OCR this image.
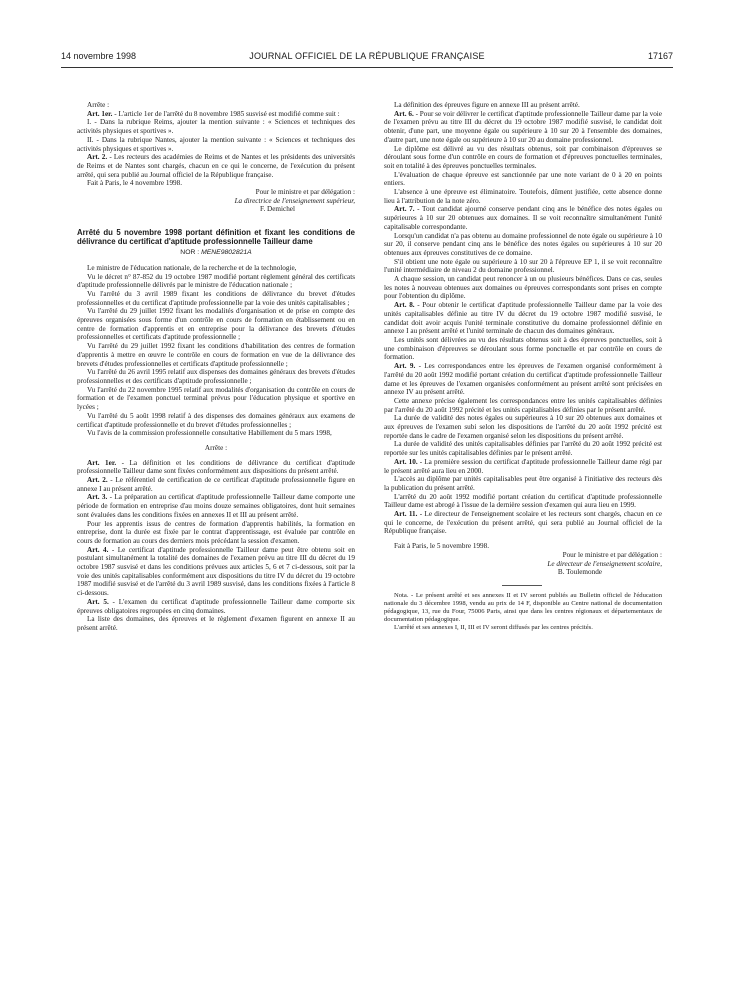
14 novembre 1998	JOURNAL OFFICIEL DE LA RÉPUBLIQUE FRANÇAISE	17167

Arrête :

Art. 1er. - L'article 1er de l'arrêté du 8 novembre 1985 susvisé est modifié comme suit :

I. - Dans la rubrique Reims, ajouter la mention suivante : « Sciences et techniques des activités physiques et sportives ».

II. - Dans la rubrique Nantes, ajouter la mention suivante : « Sciences et techniques des activités physiques et sportives ».

Art. 2. - Les recteurs des académies de Reims et de Nantes et les présidents des universités de Reims et de Nantes sont chargés, chacun en ce qui le concerne, de l'exécution du présent arrêté, qui sera publié au Journal officiel de la République française.

Fait à Paris, le 4 novembre 1998.

Pour le ministre et par délégation :

La directrice de l'enseignement supérieur,

F. Demichel

Arrêté du 5 novembre 1998 portant définition et fixant les conditions de délivrance du certificat d'aptitude professionnelle Tailleur dame
NOR : MENE9802821A

Le ministre de l'éducation nationale, de la recherche et de la technologie,

Vu le décret n° 87-852 du 19 octobre 1987 modifié portant règlement général des certificats d'aptitude professionnelle délivrés par le ministre de l'éducation nationale ;

Vu l'arrêté du 3 avril 1989 fixant les conditions de délivrance du brevet d'études professionnelles et du certificat d'aptitude professionnelle par la voie des unités capitalisables ;

Vu l'arrêté du 29 juillet 1992 fixant les modalités d'organisation et de prise en compte des épreuves organisées sous forme d'un contrôle en cours de formation en établissement ou en centre de formation d'apprentis et en entreprise pour la délivrance des brevets d'études professionnelles et certificats d'aptitude professionnelle ;

Vu l'arrêté du 29 juillet 1992 fixant les conditions d'habilitation des centres de formation d'apprentis à mettre en œuvre le contrôle en cours de formation en vue de la délivrance des brevets d'études professionnelles et certificats d'aptitude professionnelle ;

Vu l'arrêté du 26 avril 1995 relatif aux dispenses des domaines généraux des brevets d'études professionnelles et des certificats d'aptitude professionnelle ;

Vu l'arrêté du 22 novembre 1995 relatif aux modalités d'organisation du contrôle en cours de formation et de l'examen ponctuel terminal prévus pour l'éducation physique et sportive en lycées ;

Vu l'arrêté du 5 août 1998 relatif à des dispenses des domaines généraux aux examens de certificat d'aptitude professionnelle et du brevet d'études professionnelles ;

Vu l'avis de la commission professionnelle consultative Habillement du 5 mars 1998,

Arrête :

Art. 1er. - La définition et les conditions de délivrance du certificat d'aptitude professionnelle Tailleur dame sont fixées conformément aux dispositions du présent arrêté.

Art. 2. - Le référentiel de certification de ce certificat d'aptitude professionnelle figure en annexe I au présent arrêté.

Art. 3. - La préparation au certificat d'aptitude professionnelle Tailleur dame comporte une période de formation en entreprise d'au moins douze semaines obligatoires, dont huit semaines sont évaluées dans les conditions fixées en annexes II et III au présent arrêté.

Pour les apprentis issus de centres de formation d'apprentis habilités, la formation en entreprise, dont la durée est fixée par le contrat d'apprentissage, est évaluée par contrôle en cours de formation au cours des derniers mois précédant la session d'examen.

Art. 4. - Le certificat d'aptitude professionnelle Tailleur dame peut être obtenu soit en postulant simultanément la totalité des domaines de l'examen prévu au titre III du décret du 19 octobre 1987 susvisé et dans les conditions prévues aux articles 5, 6 et 7 ci-dessous, soit par la voie des unités capitalisables conformément aux dispositions du titre IV du décret du 19 octobre 1987 modifié susvisé et de l'arrêté du 3 avril 1989 susvisé, dans les conditions fixées à l'article 8 ci-dessous.

Art. 5. - L'examen du certificat d'aptitude professionnelle Tailleur dame comporte six épreuves obligatoires regroupées en cinq domaines.

La liste des domaines, des épreuves et le règlement d'examen figurent en annexe II au présent arrêté.

La définition des épreuves figure en annexe III au présent arrêté.

Art. 6. - Pour se voir délivrer le certificat d'aptitude professionnelle Tailleur dame par la voie de l'examen prévu au titre III du décret du 19 octobre 1987 modifié susvisé, le candidat doit obtenir, d'une part, une moyenne égale ou supérieure à 10 sur 20 à l'ensemble des domaines, d'autre part, une note égale ou supérieure à 10 sur 20 au domaine professionnel.

Le diplôme est délivré au vu des résultats obtenus, soit par combinaison d'épreuves se déroulant sous forme d'un contrôle en cours de formation et d'épreuves ponctuelles terminales, soit en totalité à des épreuves ponctuelles terminales.

L'évaluation de chaque épreuve est sanctionnée par une note variant de 0 à 20 en points entiers.

L'absence à une épreuve est éliminatoire. Toutefois, dûment justifiée, cette absence donne lieu à l'attribution de la note zéro.

Art. 7. - Tout candidat ajourné conserve pendant cinq ans le bénéfice des notes égales ou supérieures à 10 sur 20 obtenues aux domaines. Il se voit reconnaître simultanément l'unité capitalisable correspondante.

Lorsqu'un candidat n'a pas obtenu au domaine professionnel de note égale ou supérieure à 10 sur 20, il conserve pendant cinq ans le bénéfice des notes égales ou supérieures à 10 sur 20 obtenues aux épreuves constitutives de ce domaine.

S'il obtient une note égale ou supérieure à 10 sur 20 à l'épreuve EP 1, il se voit reconnaître l'unité intermédiaire de niveau 2 du domaine professionnel.

A chaque session, un candidat peut renoncer à un ou plusieurs bénéfices. Dans ce cas, seules les notes à nouveau obtenues aux domaines ou épreuves correspondants sont prises en compte pour l'obtention du diplôme.

Art. 8. - Pour obtenir le certificat d'aptitude professionnelle Tailleur dame par la voie des unités capitalisables définie au titre IV du décret du 19 octobre 1987 modifié susvisé, le candidat doit avoir acquis l'unité terminale constitutive du domaine professionnel définie en annexe I au présent arrêté et l'unité terminale de chacun des domaines généraux.

Les unités sont délivrées au vu des résultats obtenus soit à des épreuves ponctuelles, soit à une combinaison d'épreuves se déroulant sous forme ponctuelle et par contrôle en cours de formation.

Art. 9. - Les correspondances entre les épreuves de l'examen organisé conformément à l'arrêté du 20 août 1992 modifié portant création du certificat d'aptitude professionnelle Tailleur dame et les épreuves de l'examen organisées conformément au présent arrêté sont précisées en annexe IV au présent arrêté.

Cette annexe précise également les correspondances entre les unités capitalisables définies par l'arrêté du 20 août 1992 précité et les unités capitalisables définies par le présent arrêté.

La durée de validité des notes égales ou supérieures à 10 sur 20 obtenues aux domaines et aux épreuves de l'examen subi selon les dispositions de l'arrêté du 20 août 1992 précité est reportée dans le cadre de l'examen organisé selon les dispositions du présent arrêté.

La durée de validité des unités capitalisables définies par l'arrêté du 20 août 1992 précité est reportée sur les unités capitalisables définies par le présent arrêté.

Art. 10. - La première session du certificat d'aptitude professionnelle Tailleur dame régi par le présent arrêté aura lieu en 2000.

L'accès au diplôme par unités capitalisables peut être organisé à l'initiative des recteurs dès la publication du présent arrêté.

L'arrêté du 20 août 1992 modifié portant création du certificat d'aptitude professionnelle Tailleur dame est abrogé à l'issue de la dernière session d'examen qui aura lieu en 1999.

Art. 11. - Le directeur de l'enseignement scolaire et les recteurs sont chargés, chacun en ce qui le concerne, de l'exécution du présent arrêté, qui sera publié au Journal officiel de la République française.

Fait à Paris, le 5 novembre 1998.

Pour le ministre et par délégation :

Le directeur de l'enseignement scolaire,

B. Toulemonde

Nota. - Le présent arrêté et ses annexes II et IV seront publiés au Bulletin officiel de l'éducation nationale du 3 décembre 1998, vendu au prix de 14 F, disponible au Centre national de documentation pédagogique, 13, rue du Four, 75006 Paris, ainsi que dans les centres régionaux et départementaux de documentation pédagogique.

L'arrêté et ses annexes I, II, III et IV seront diffusés par les centres précités.
